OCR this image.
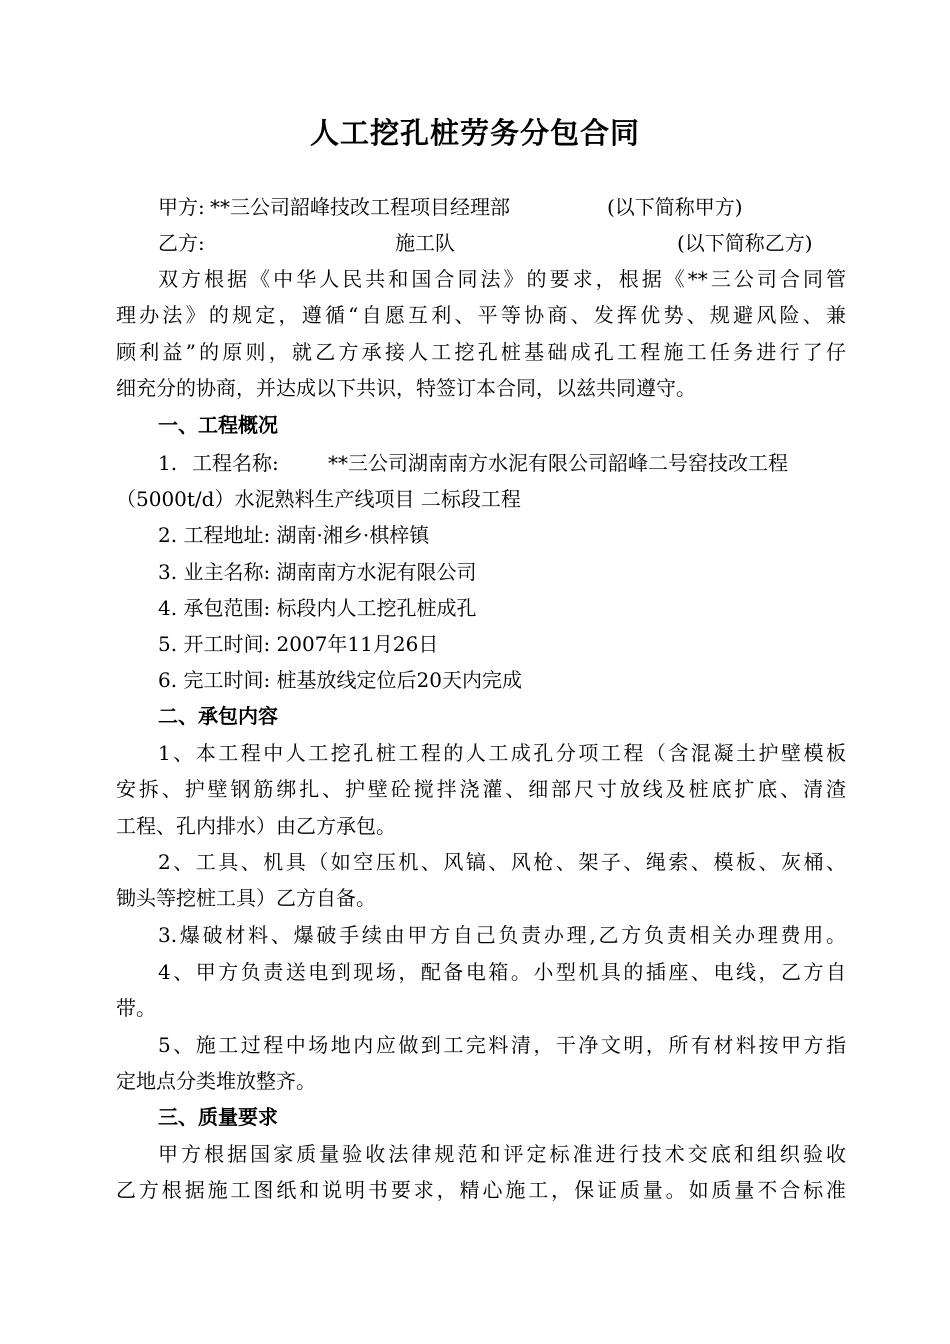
人工挖孔桩劳务分包合同
甲方: **三公司韶峰技改工程项目经理部	(以下简称甲方)
乙方:	施工队	(以下简称乙方)
双方根据《中华人民共和国合同法》的要求，根据《**三公司合同管
理办法》的规定，遵循“自愿互利、平等协商、发挥优势、规避风险、兼
顾利益”的原则，就乙方承接人工挖孔桩基础成孔工程施工任务进行了仔
细充分的协商，并达成以下共识，特签订本合同，以兹共同遵守。
一、工程概况
1. 工程名称: **三公司湖南南方水泥有限公司韶峰二号窑技改工程
（5000t/d）水泥熟料生产线项目 二标段工程
2. 工程地址: 湖南·湘乡·棋梓镇
3. 业主名称: 湖南南方水泥有限公司
4. 承包范围: 标段内人工挖孔桩成孔
5. 开工时间: 2007年11月26日
6. 完工时间: 桩基放线定位后20天内完成
二、承包内容
1、本工程中人工挖孔桩工程的人工成孔分项工程（含混凝土护壁模板
安拆、护壁钢筋绑扎、护壁砼搅拌浇灌、细部尺寸放线及桩底扩底、清渣
工程、孔内排水）由乙方承包。
2、工具、机具（如空压机、风镐、风枪、架子、绳索、模板、灰桶、
锄头等挖桩工具）乙方自备。
3.爆破材料、爆破手续由甲方自己负责办理,乙方负责相关办理费用。
4、甲方负责送电到现场，配备电箱。小型机具的插座、电线，乙方自
带。
5、施工过程中场地内应做到工完料清，干净文明，所有材料按甲方指
定地点分类堆放整齐。
三、质量要求
甲方根据国家质量验收法律规范和评定标准进行技术交底和组织验收
乙方根据施工图纸和说明书要求，精心施工，保证质量。如质量不合标准
